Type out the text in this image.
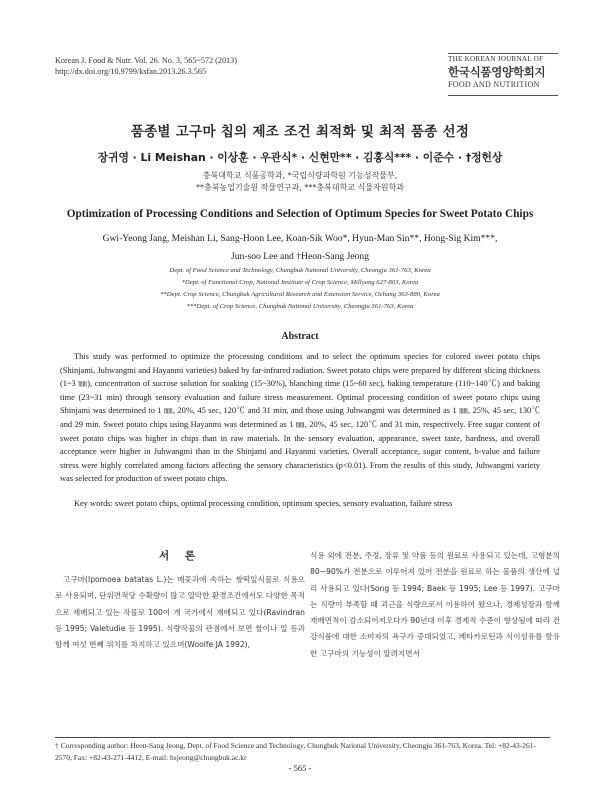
Korean J. Food & Nutr. Vol. 26. No. 3, 565~572 (2013)
http://dx.doi.org/10.9799/ksfan.2013.26.3.565
THE KOREAN JOURNAL OF
한국식품영양학회지
FOOD AND NUTRITION
품종별 고구마 칩의 제조 조건 최적화 및 최적 품종 선정
장귀영 · Li Meishan · 이상훈 · 우관식* · 신현만** · 김홍식*** · 이준수 · †정헌상
충북대학교 식품공학과, *국립식량과학원 기능성작물부,
**충북농업기술원 작물연구과, ***충북대학교 식물자원학과
Optimization of Processing Conditions and Selection of Optimum Species for Sweet Potato Chips
Gwi-Yeong Jang, Meishan Li, Sang-Hoon Lee, Koan-Sik Woo*, Hyun-Man Sin**, Hong-Sig Kim***,
Jun-soo Lee and †Heon-Sang Jeong
Dept. of Food Science and Technology, Chungbuk National University, Cheongju 361-763, Korea
*Dept. of Functional Crop, National Institute of Crop Science, Millyang 627-803, Korea
**Dept. Crop Science, Chungbuk Agricultural Research and Extension Service, Ochang 363-880, Korea
***Dept. of Crop Science, Chungbuk National University, Cheongju 361-763, Korea
Abstract

This study was performed to optimize the processing conditions and to select the optimum species for colored sweet potato chips (Shinjami, Juhwangmi and Hayanmi varieties) baked by far-infrared radiation. Sweet potato chips were prepared by different slicing thickness (1~3 ㎜), concentration of sucrose solution for soaking (15~30%), blanching time (15~60 sec), baking temperature (110~140℃) and baking time (23~31 min) through sensory evaluation and failure stress measurement. Optimal processing condition of sweet potato chips using Shinjami was determined to 1 ㎜, 20%, 45 sec, 120℃ and 31 min, and those using Juhwangmi was determined as 1 ㎜, 25%, 45 sec, 130℃ and 29 min. Sweet potato chips using Hayanmi was determined as 1 ㎜, 20%, 45 sec, 120℃ and 31 min, respectively. Free sugar content of sweet potato chips was higher in chips than in raw materials. In the sensory evaluation, appearance, sweet taste, hardness, and overall acceptance were higher in Juhwangmi than in the Shinjami and Hayanmi varieties. Overall acceptance, sugar content, b-value and failure stress were highly correlated among factors affecting the sensory characteristics (p<0.01). From the results of this study, Juhwangmi variety was selected for production of sweet potato chips.

Key words: sweet potato chips, optimal processing condition, optimum species, sensory evaluation, failure stress
서 론

고구마(Ipomoea batatas L.)는 메꽃과에 속하는 쌍떡잎식물로 식용으로 사용되며, 단위면적당 수확량이 많고 열악한 환경조건에서도 다양한 목적으로 재배되고 있는 작물로 100여 개 국가에서 재배되고 있다(Ravindran 등 1995; Valetudie 등 1995). 식량작물의 관점에서 보면 쌀이나 밀 등과 함께 여섯 번째 위치를 차지하고 있으며(Woolfe JA 1992),

식용 외에 전분, 주정, 장류 및 약품 등의 원료로 사용되고 있는데, 고형분의 80~90%가 전분으로 이루어져 있어 전분을 원료로 하는 물품의 생산에 널리 사용되고 있다(Song 등 1994; Baek 등 1995; Lee 등 1997). 고구마는 식량이 부족할 때 괴근을 식량으로서 이용하여 왔으나, 경제성장과 함께 재배면적이 감소되어져오다가 90년대 이후 경제적 수준이 향상됨에 따라 건강식품에 대한 소비자의 욕구가 증대되었고, 베타카로틴과 식이섬유를 함유한 고구마의 기능성이 알려지면서

† Corresponding author: Heon-Sang Jeong, Dept. of Food Science and Technology, Chungbuk National University, Cheongju 361-763, Korea. Tel: +82-43-261-2570, Fax: +82-43-271-4412, E-mail: hsjeong@chungbuk.ac.kr
- 565 -
